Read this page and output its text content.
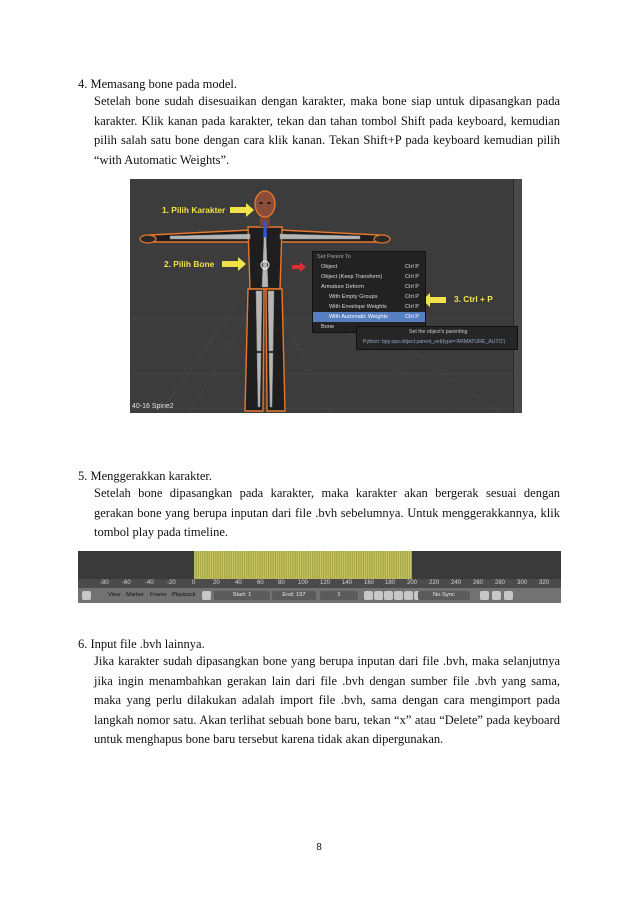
4. Memasang bone pada model.

Setelah bone sudah disesuaikan dengan karakter, maka bone siap untuk dipasangkan pada karakter. Klik kanan pada karakter, tekan dan tahan tombol Shift pada keyboard, kemudian pilih salah satu bone dengan cara klik kanan. Tekan Shift+P pada keyboard kemudian pilih “with Automatic Weights”.

1. Pilih Karakter
2. Pilih Bone
3. Ctrl + P
40-16 Spine2
Set Parent To
Object	Ctrl P
Object (Keep Transform)	Ctrl P
Armature Deform	Ctrl P
With Empty Groups	Ctrl P
With Envelope Weights	Ctrl P
With Automatic Weights	Ctrl P
Bone
Set the object's parenting
Python: bpy.ops.object.parent_set(type='ARMATURE_AUTO')

5. Menggerakkan karakter.

Setelah bone dipasangkan pada karakter, maka karakter akan bergerak sesuai dengan gerakan bone yang berupa inputan dari file .bvh sebelumnya. Untuk menggerakkannya, klik tombol play pada timeline.

-80 -60 -40 -20	0	20	40	60 80 100 120 140 160 180 200 220 240 260 280 300 320
View Marker Frame Playback	Start: 1	End: 197	1	No Sync

6. Input file .bvh lainnya.

Jika karakter sudah dipasangkan bone yang berupa inputan dari file .bvh, maka selanjutnya jika ingin menambahkan gerakan lain dari file .bvh dengan sumber file .bvh yang sama, maka yang perlu dilakukan adalah import file .bvh, sama dengan cara mengimport pada langkah nomor satu. Akan terlihat sebuah bone baru, tekan “x” atau “Delete” pada keyboard untuk menghapus bone baru tersebut karena tidak akan dipergunakan.

8
